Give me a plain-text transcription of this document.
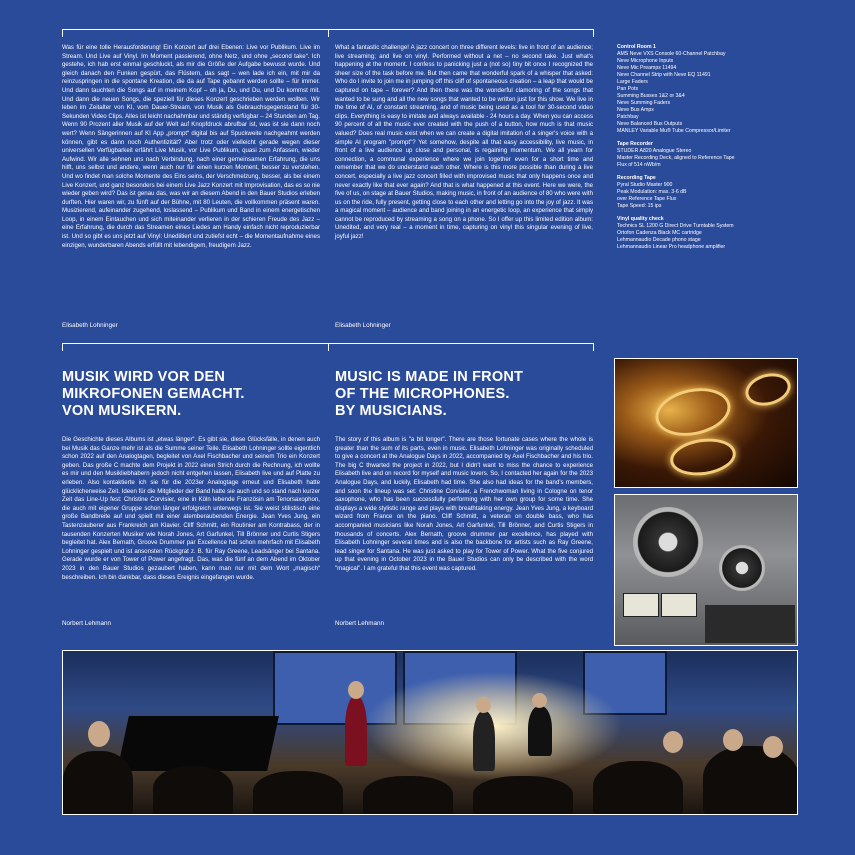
Was für eine tolle Herausforderung! Ein Konzert auf drei Ebenen: Live vor Publikum. Live im Stream. Und Live auf Vinyl. Im Moment passierend, ohne Netz, und ohne „second take“. Ich gestehe, ich hab erst einmal geschluckt, als mir die Größe der Aufgabe bewusst wurde. Und gleich danach den Funken gespürt, das Flüstern, das sagt – wen lade ich ein, mit mir da reinzuspringen in die spontane Kreation, die da auf Tape gebannt werden sollte – für immer. Und dann tauchten die Songs auf in meinem Kopf – oh ja, Du, und Du, und Du kommst mit. Und dann die neuen Songs, die speziell für dieses Konzert geschrieben werden wollten. Wir leben im Zeitalter von KI, vom Dauer-Stream, von Musik als Gebrauchsgegenstand für 30-Sekunden Video Clips. Alles ist leicht nachahmbar und ständig verfügbar – 24 Stunden am Tag. Wenn 90 Prozent aller Musik auf der Welt auf Knopfdruck abrufbar ist, was ist sie dann noch wert? Wenn Sängerinnen auf KI App „prompt“ digital bis auf Spuckweite nachgeahmt werden können, gibt es dann noch Authentizität? Aber trotz oder vielleicht gerade wegen dieser universellen Verfügbarkeit erfährt Live Musik, vor Live Publikum, quasi zum Anfassen, wieder Aufwind. Wir alle sehnen uns nach Verbindung, nach einer gemeinsamen Erfahrung, die uns hilft, uns selbst und andere, wenn auch nur für einen kurzen Moment, besser zu verstehen. Und wo findet man solche Momente des Eins seins, der Verschmelzung, besser, als bei einem Live Konzert, und ganz besonders bei einem Live Jazz Konzert mit Improvisation, das es so nie wieder geben wird? Das ist genau das, was wir an diesem Abend in den Bauer Studios erleben durften. Hier waren wir, zu fünft auf der Bühne, mit 80 Leuten, die vollkommen präsent waren. Musizierend, aufeinander zugehend, loslassend – Publikum und Band in einem energetischen Loop, in einem Eintauchen und sich miteinander verlieren in der schieren Freude des Jazz – eine Erfahrung, die durch das Streamen eines Liedes am Handy einfach nicht reproduzierbar ist. Und so gibt es uns jetzt auf Vinyl: Unediitiert und zutiefst echt – die Momentaufnahme eines einzigen, wunderbaren Abends erfüllt mit lebendigem, freudigem Jazz.

Elisabeth Lohninger

What a fantastic challenge! A jazz concert on three different levels: live in front of an audience; live streaming; and live on vinyl. Performed without a net – no second take. Just what's happening at the moment. I confess to panicking just a (not so) tiny bit once I recognized the sheer size of the task before me. But then came that wonderful spark of a whisper that asked: Who do I invite to join me in jumping off this cliff of spontaneous creation – a leap that would be captured on tape – forever? And then there was the wonderful clamoring of the songs that wanted to be sung and all the new songs that wanted to be written just for this show. We live in the time of AI, of constant streaming, and of music being used as a tool for 30-second video clips. Everything is easy to imitate and always available - 24 hours a day. When you can access 90 percent of all the music ever created with the push of a button, how much is that music valued? Does real music exist when we can create a digital imitation of a singer's voice with a simple AI program "prompt"? Yet somehow, despite all that easy accessibility, live music, in front of a live audience up close and personal, is regaining momentum. We all yearn for connection, a communal experience where we join together even for a short time and remember that we do understand each other. Where is this more possible than during a live concert, especially a live jazz concert filled with improvised music that only happens once and never exactly like that ever again? And that is what happened at this event. Here we were, the five of us, on stage at Bauer Studios, making music, in front of an audience of 80 who were with us on the ride, fully present, getting close to each other and letting go into the joy of jazz. It was a magical moment – audience and band joining in an energetic loop, an experience that simply cannot be reproduced by streaming a song on a phone. So I offer up this limited edition album: Unedited, and very real – a moment in time, capturing on vinyl this singular evening of live, joyful jazz!

Elisabeth Lohninger
Control Room 1
AMS Neve VXS Console 60-Channel Patchbay
Neve Microphone Inputs
Neve Mic Preamps 11494
Neve Channel Strip with Neve EQ 11491
Large Faders
Pan Pots
Summing Busses 1&2 or 3&4
Neve Summing Faders
Neve Bus Amps
Patchbay
Neve Balanced Bus Outputs
MANLEY Variable Mu® Tube Compressor/Limiter
Tape Recorder
STUDER A820 Analogue Stereo
Master Recording Deck, aligned to Reference Tape
Flux of 514 nWb/m
Recording Tape
Pyral Studio Master 900
Peak Modulation: max. 3-6 dB
over Reference Tape Flux
Tape Speed: 15 ips
Vinyl quality check
Technics SL 1200 G Direct Drive Turntable System
Ortofon Cadenza Black MC cartridge
Lehmannaudio Decade phono stage
Lehmannaudio Linear Pro headphone amplifier
MUSIK WIRD VOR DEN
MIKROFONEN GEMACHT.
VON MUSIKERN.

Die Geschichte dieses Albums ist „etwas länger“. Es gibt sie, diese Glücksfälle, in denen auch bei Musik das Ganze mehr ist als die Summe seiner Teile. Elisabeth Lohninger sollte eigentlich schon 2022 auf den Analogtagen, begleitet von Axel Fischbacher und seinem Trio ein Konzert geben. Das große C machte dem Projekt in 2022 einen Strich durch die Rechnung, ich wollte es mir und den Musikliebhabern jedoch nicht entgehen lassen, Elisabeth live und auf Platte zu erleben. Also kontaktierte ich sie für die 2023er Analogtage erneut und Elisabeth hatte glücklicherweise Zeit. Ideen für die Mitglieder der Band hatte sie auch und so stand nach kurzer Zeit das Line-Up fest: Christine Corvisier, eine in Köln lebende Französin am Tenorsaxophon, die auch mit eigener Gruppe schon länger erfolgreich unterwegs ist. Sie weist stilistisch eine große Bandbreite auf und spielt mit einer atemberaubenden Energie. Jean Yves Jung, ein Tastenzauberer aus Frankreich am Klavier. Cliff Schmitt, ein Routinier am Kontrabass, der in tausenden Konzerten Musiker wie Norah Jones, Art Garfunkel, Till Brönner und Curtis Stigers begleitet hat. Alex Bernath, Groove Drummer par Excellence hat schon mehrfach mit Elisabeth Lohninger gespielt und ist ansonsten Rückgrat z. B. für Ray Greene, Leadsänger bei Santana. Gerade wurde er von Tower of Power angefragt. Das, was die fünf an dem Abend im Oktober 2023 in den Bauer Studios gezaubert haben, kann man nur mit dem Wort „magisch“ beschreiben. Ich bin dankbar, dass dieses Ereignis eingefangen wurde.

Norbert Lehmann
MUSIC IS MADE IN FRONT
OF THE MICROPHONES.
BY MUSICIANS.

The story of this album is "a bit longer". There are those fortunate cases where the whole is greater than the sum of its parts, even in music. Elisabeth Lohninger was originally scheduled to give a concert at the Analogue Days in 2022, accompanied by Axel Fischbacher and his trio. The big C thwarted the project in 2022, but I didn't want to miss the chance to experience Elisabeth live and on record for myself and music lovers. So, I contacted her again for the 2023 Analogue Days, and luckily, Elisabeth had time. She also had ideas for the band's members, and soon the lineup was set: Christine Corvisier, a Frenchwoman living in Cologne on tenor saxophone, who has been successfully performing with her own group for some time. She displays a wide stylistic range and plays with breathtaking energy. Jean Yves Jung, a keyboard wizard from France on the piano. Cliff Schmitt, a veteran on double bass, who has accompanied musicians like Norah Jones, Art Garfunkel, Till Brönner, and Curtis Stigers in thousands of concerts. Alex Bernath, groove drummer par excellence, has played with Elisabeth Lohninger several times and is also the backbone for artists such as Ray Greene, lead singer for Santana. He was just asked to play for Tower of Power. What the five conjured up that evening in October 2023 in the Bauer Studios can only be described with the word "magical". I am grateful that this event was captured.

Norbert Lehmann
